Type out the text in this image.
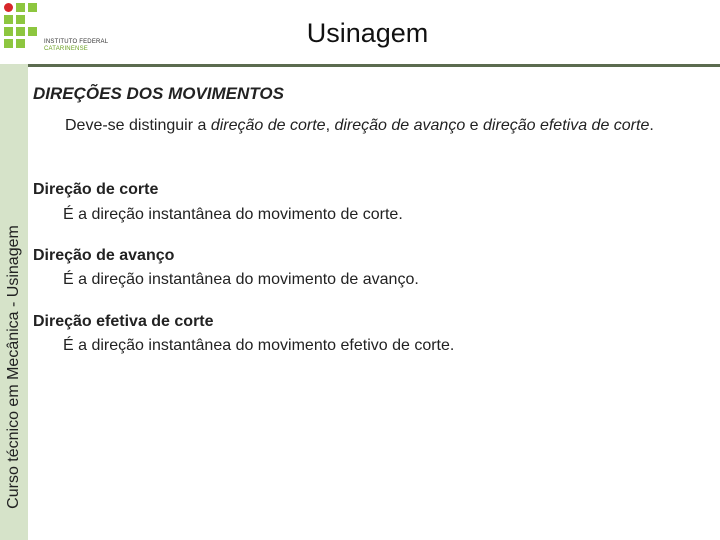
INSTITUTO FEDERAL
CATARINENSE
Usinagem
Curso técnico em Mecânica - Usinagem
DIREÇÕES DOS MOVIMENTOS

Deve-se distinguir a direção de corte, direção de avanço e direção efetiva de corte.

Direção de corte

É a direção instantânea do movimento de corte.

Direção de avanço

É a direção instantânea do movimento de avanço.

Direção efetiva de corte

É a direção instantânea do movimento efetivo de corte.
